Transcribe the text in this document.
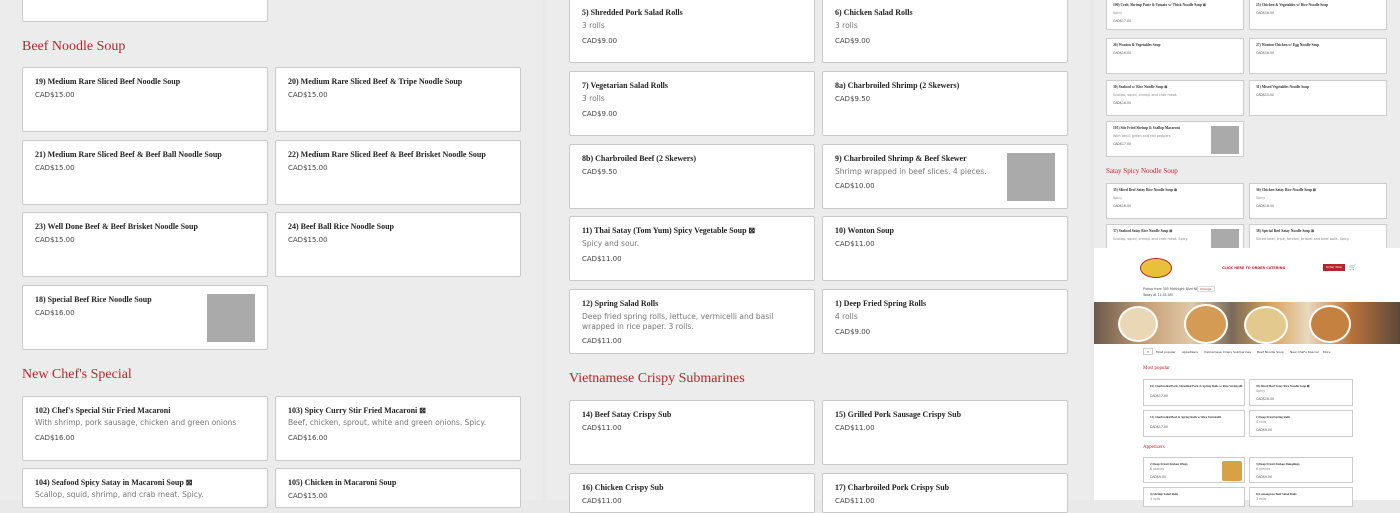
Beef Noodle Soup
19) Medium Rare Sliced Beef Noodle Soup
CAD$15.00
20) Medium Rare Sliced Beef & Tripe Noodle Soup
CAD$15.00
21) Medium Rare Sliced Beef & Beef Ball Noodle Soup
CAD$15.00
22) Medium Rare Sliced Beef & Beef Brisket Noodle Soup
CAD$15.00
23) Well Done Beef & Beef Brisket Noodle Soup
CAD$15.00
24) Beef Ball Rice Noodle Soup
CAD$15.00
18) Special Beef Rice Noodle Soup
CAD$16.00
New Chef's Special
102) Chef's Special Stir Fried Macaroni
With shrimp, pork sausage, chicken and green onions
CAD$16.00
103) Spicy Curry Stir Fried Macaroni ⊠
Beef, chicken, sprout, white and green onions. Spicy.
CAD$16.00
104) Seafood Spicy Satay in Macaroni Soup ⊠
Scallop, squid, shrimp, and crab meat. Spicy.
105) Chicken in Macaroni Soup
CAD$15.00
5) Shredded Pork Salad Rolls
3 rolls
CAD$9.00
6) Chicken Salad Rolls
3 rolls
CAD$9.00
7) Vegetarian Salad Rolls
3 rolls
CAD$9.00
8a) Charbroiled Shrimp (2 Skewers)
CAD$9.50
8b) Charbroiled Beef (2 Skewers)
CAD$9.50
9) Charbroiled Shrimp & Beef Skewer
Shrimp wrapped in beef slices. 4 pieces.
CAD$10.00
11) Thai Satay (Tom Yum) Spicy Vegetable Soup ⊠
Spicy and sour.
CAD$11.00
10) Wonton Soup
CAD$11.00
12) Spring Salad Rolls
Deep fried spring rolls, lettuce, vermicelli and basil wrapped in rice paper. 3 rolls.
CAD$11.00
1) Deep Fried Spring Rolls
4 rolls
CAD$9.00
Vietnamese Crispy Submarines
14) Beef Satay Crispy Sub
CAD$11.00
15) Grilled Pork Sausage Crispy Sub
CAD$11.00
16) Chicken Crispy Sub
CAD$11.00
17) Charbroiled Pork Crispy Sub
CAD$11.00
100) Crab, Shrimp Paste & Tomato w/ Thick Noodle Soup ⊠
Spicy
CAD$17.00
25) Chicken & Vegetables w/ Rice Noodle Soup
CAD$16.00
26) Wonton & Vegetables Soup
CAD$16.00
27) Wonton Chicken w/ Egg Noodle Soup
CAD$16.00
30) Seafood w/ Rice Noodle Soup ⊠
Scallop, squid, shrimp and crab meat.
CAD$16.00
31) Mixed Vegetables Noodle Soup
CAD$15.00
101) Stir Fried Shrimp & Scallop Macaroni
With basil, green and red peppers
CAD$17.00
Satay Spicy Noodle Soup
35) Sliced Beef Satay Rice Noodle Soup ⊠
Spicy
CAD$16.00
36) Chicken Satay Rice Noodle Soup ⊠
Spicy
CAD$16.00
37) Seafood Satay Rice Noodle Soup ⊠
Scallop, squid, shrimp and crab meat. Spicy.
38) Special Beef Satay Noodle Soup ⊠
Sliced beef, tripe, tendon, brisket and beef balls. Spicy.
CLICK HERE TO ORDER CATERING	Order Now	🛒
Pickup from 305 McKnight Blvd NE Change
Today at 11:45 AM
⌕	Most popular Appetizers Vietnamese Crispy Submarines Beef Noodle Soup New Chef's Special More
Most popular
16) Charbroiled Pork, Shredded Pork & Spring Rolls w/ Rice Vermicelli
CAD$17.00
35) Sliced Beef Satay Rice Noodle Soup ⊠
Spicy
CAD$16.00
12) Charbroiled Beef & Spring Rolls w/ Rice Vermicelli
CAD$17.00
1) Deep Fried Spring Rolls
4 rolls
CAD$9.00
Appetizers
2) Deep Fried Chicken Wings
6 pieces
CAD$9.00
3) Deep Fried Chicken Dumplings
6 pieces
CAD$9.00
4) Shrimp Salad Rolls
3 rolls
8) Lemongrass Beef Salad Rolls
3 rolls
